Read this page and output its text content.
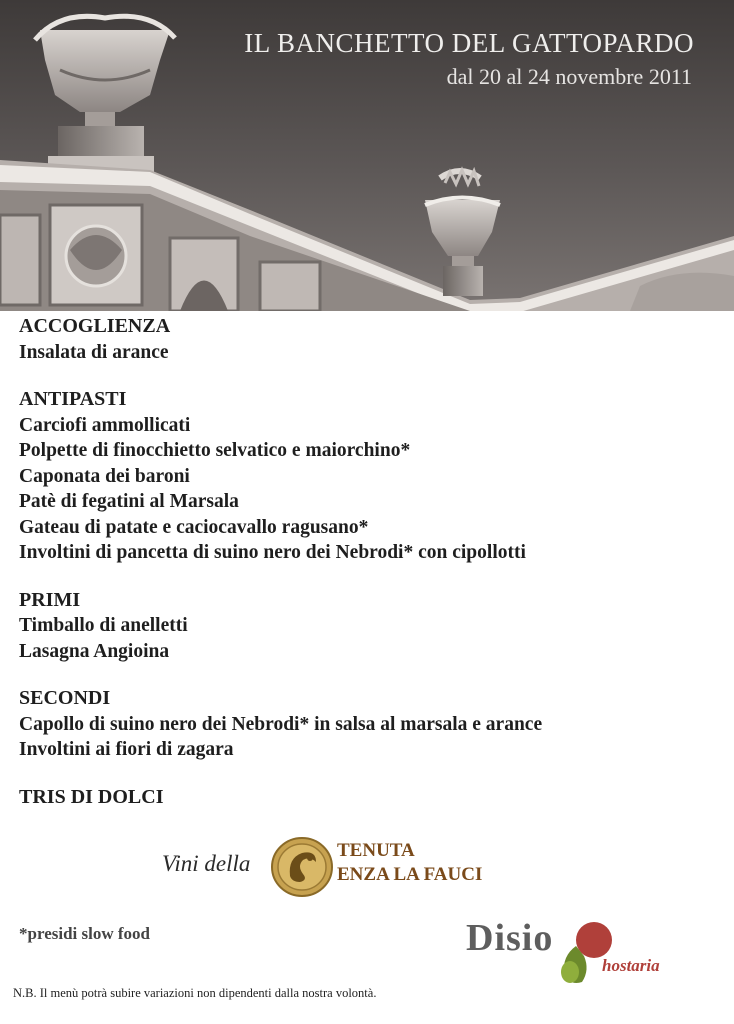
IL BANCHETTO DEL GATTOPARDO
dal 20 al 24 novembre 2011
ACCOGLIENZA
Insalata di arance
ANTIPASTI
Carciofi ammollicati
Polpette di finocchietto selvatico e maiorchino*
Caponata dei baroni
Patè di fegatini al Marsala
Gateau di patate e caciocavallo ragusano*
Involtini di pancetta di suino nero dei Nebrodi* con cipollotti
PRIMI
Timballo di anelletti
Lasagna Angioina
SECONDI
Capollo di suino nero dei Nebrodi* in salsa al marsala e arance
Involtini ai fiori di zagara
TRIS DI DOLCI
Vini della
TENUTA
ENZA LA FAUCI
*presidi slow food	Disio
hostaria
N.B. Il menù potrà subire variazioni non dipendenti dalla nostra volontà.
